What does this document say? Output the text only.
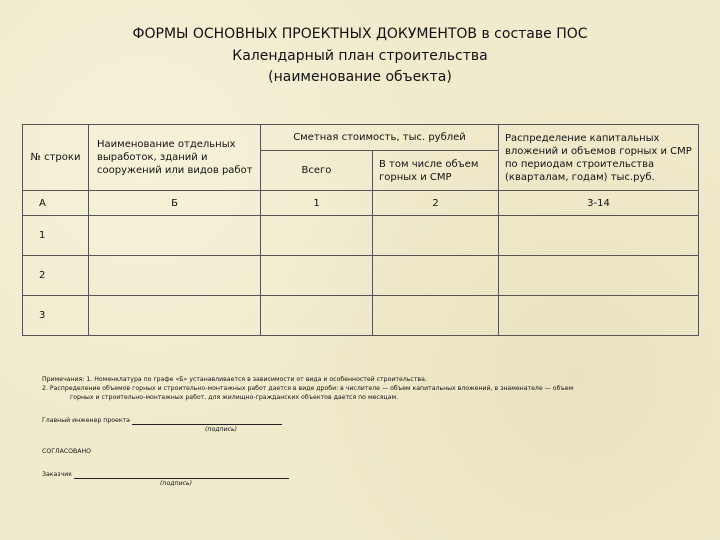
ФОРМЫ ОСНОВНЫХ ПРОЕКТНЫХ ДОКУМЕНТОВ в составе ПОС
Календарный план строительства
(наименование объекта)
№ строки	Наименование отдельных выработок, зданий и сооружений или видов работ	Сметная стоимость, тыс. рублей		Распределение капитальных вложений и объемов горных и СМР по периодам строительства (кварталам, годам) тыс.руб.
		Всего	В том числе объем горных и СМР	
А	Б	1	2	3-14
1				
2				
3				

Примечания: 1. Номенклатура по графе «Б» устанавливается в зависимости от вида и особенностей строительства.

2. Распределение объемов горных и строительно-монтажных работ дается в виде дроби: в числителе — объем капитальных вложений, в знаменателе — объем

горных и строительно-монтажных работ, для жилищно-гражданских объектов дается по месяцам.

Главный инженер проекта
(подпись)
СОГЛАСОВАНО
Заказчик
(подпись)
